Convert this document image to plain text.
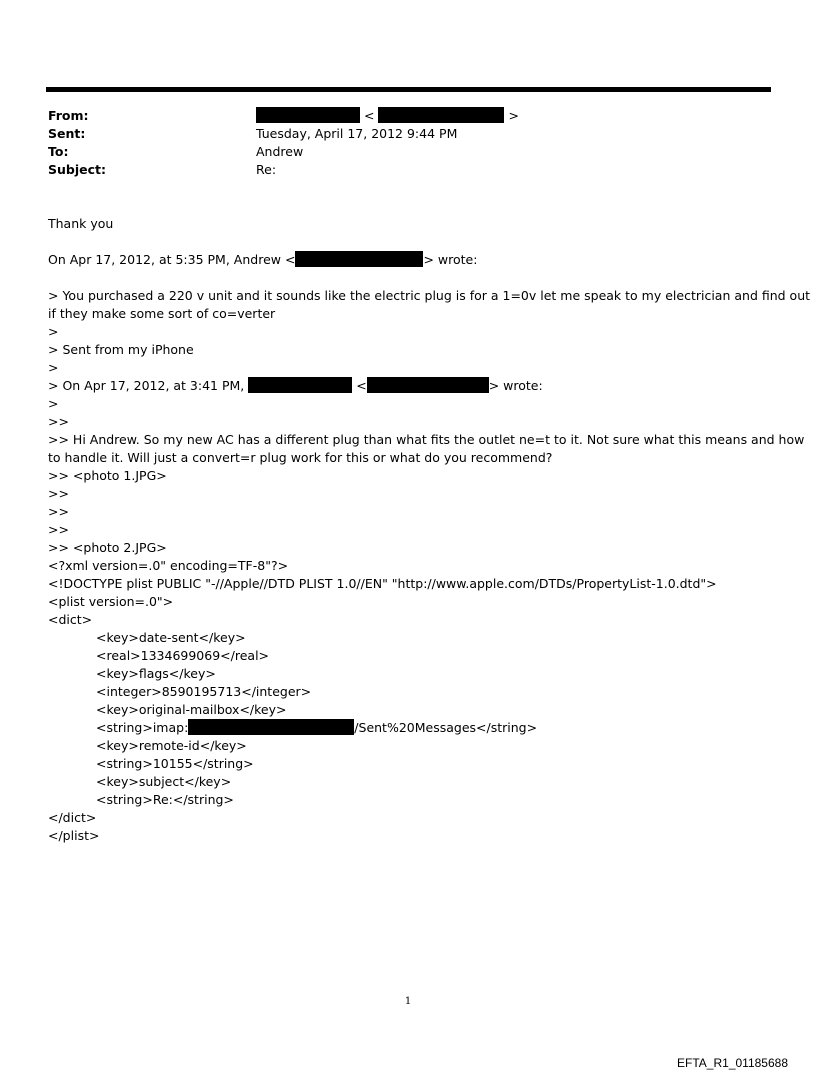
From:	<	>
Sent:	Tuesday, April 17, 2012 9:44 PM
To:	Andrew
Subject:	Re:
Thank you
On Apr 17, 2012, at 5:35 PM, Andrew <	> wrote:
> You purchased a 220 v unit and it sounds like the electric plug is for a 1=0v let me speak to my electrician and find out
if they make some sort of co=verter
>
> Sent from my iPhone
>
> On Apr 17, 2012, at 3:41 PM,	<	> wrote:
>
>>
>> Hi Andrew. So my new AC has a different plug than what fits the outlet ne=t to it. Not sure what this means and how
to handle it. Will just a convert=r plug work for this or what do you recommend?
>> <photo 1.JPG>
>>
>>
>>
>> <photo 2.JPG>
<?xml version=.0" encoding=TF-8"?>
<!DOCTYPE plist PUBLIC "-//Apple//DTD PLIST 1.0//EN" "http://www.apple.com/DTDs/PropertyList-1.0.dtd">
<plist version=.0">
<dict>
<key>date-sent</key>
<real>1334699069</real>
<key>flags</key>
<integer>8590195713</integer>
<key>original-mailbox</key>
<string>imap:	/Sent%20Messages</string>
<key>remote-id</key>
<string>10155</string>
<key>subject</key>
<string>Re:</string>
</dict>
</plist>
1
EFTA_R1_01185688
